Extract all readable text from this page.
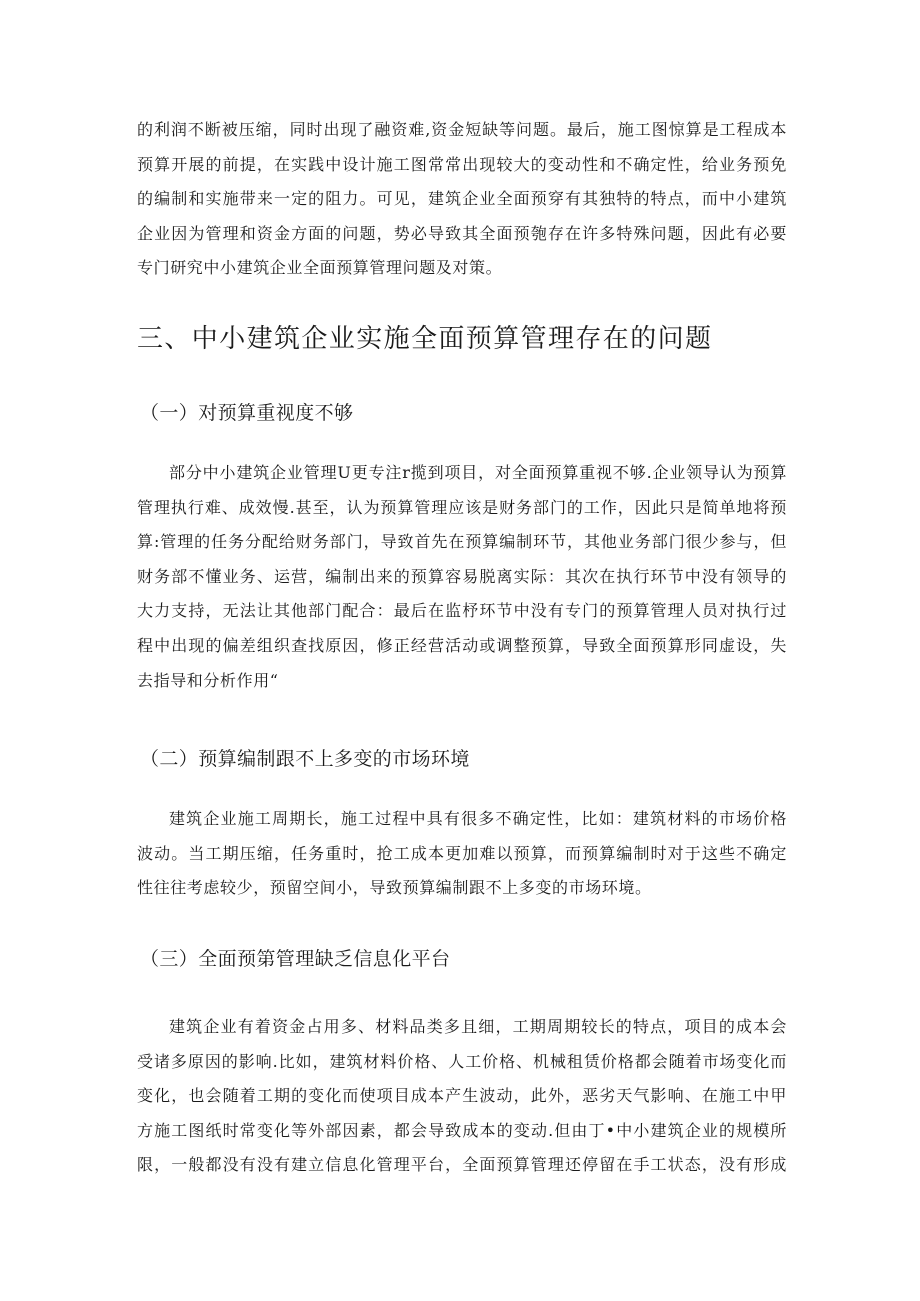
的利润不断被压缩，同时出现了融资难,资金短缺等问题。最后，施工图惊算是工程成本
预算开展的前提，在实践中设计施工图常常出现较大的变动性和不确定性，给业务预免
的编制和实施带来一定的阻力。可见，建筑企业全面预穿有其独特的特点，而中小建筑
企业因为管理和资金方面的问题，势必导致其全面预匏存在许多特殊问题，因此有必要
专门研究中小建筑企业全面预算管理问题及对策。

三、中小建筑企业实施全面预算管理存在的问题
（一）对预算重视度不够

部分中小建筑企业管理U更专注r揽到项目，对全面预算重视不够.企业领导认为预算
管理执行难、成效慢.甚至，认为预算管理应该是财务部门的工作，因此只是简单地将预
算:管理的任务分配给财务部门，导致首先在预算编制环节，其他业务部门很少参与，但
财务部不懂业务、运营，编制出来的预算容易脱离实际：其次在执行环节中没有领导的
大力支持，无法让其他部门配合：最后在监杼环节中没有专门的预算管理人员对执行过
程中出现的偏差组织查找原因，修正经营活动或调整预算，导致全面预算形同虚设，失
去指导和分析作用“

（二）预算编制跟不上多变的市场环境

建筑企业施工周期长，施工过程中具有很多不确定性，比如：建筑材料的市场价格
波动。当工期压缩，任务重时，抢工成本更加难以预算，而预算编制时对于这些不确定
性往往考虑较少，预留空间小，导致预算编制跟不上多变的市场环境。

（三）全面预第管理缺乏信息化平台

建筑企业有着资金占用多、材料品类多且细，工期周期较长的特点，项目的成本会
受诸多原因的影响.比如，建筑材料价格、人工价格、机械租赁价格都会随着市场变化而
变化，也会随着工期的变化而使项目成本产生波动，此外，恶劣天气影响、在施工中甲
方施工图纸时常变化等外部因素，都会导致成本的变动.但由丁•中小建筑企业的规模所
限，一般都没有没有建立信息化管理平台，全面预算管理还停留在手工状态，没有形成
